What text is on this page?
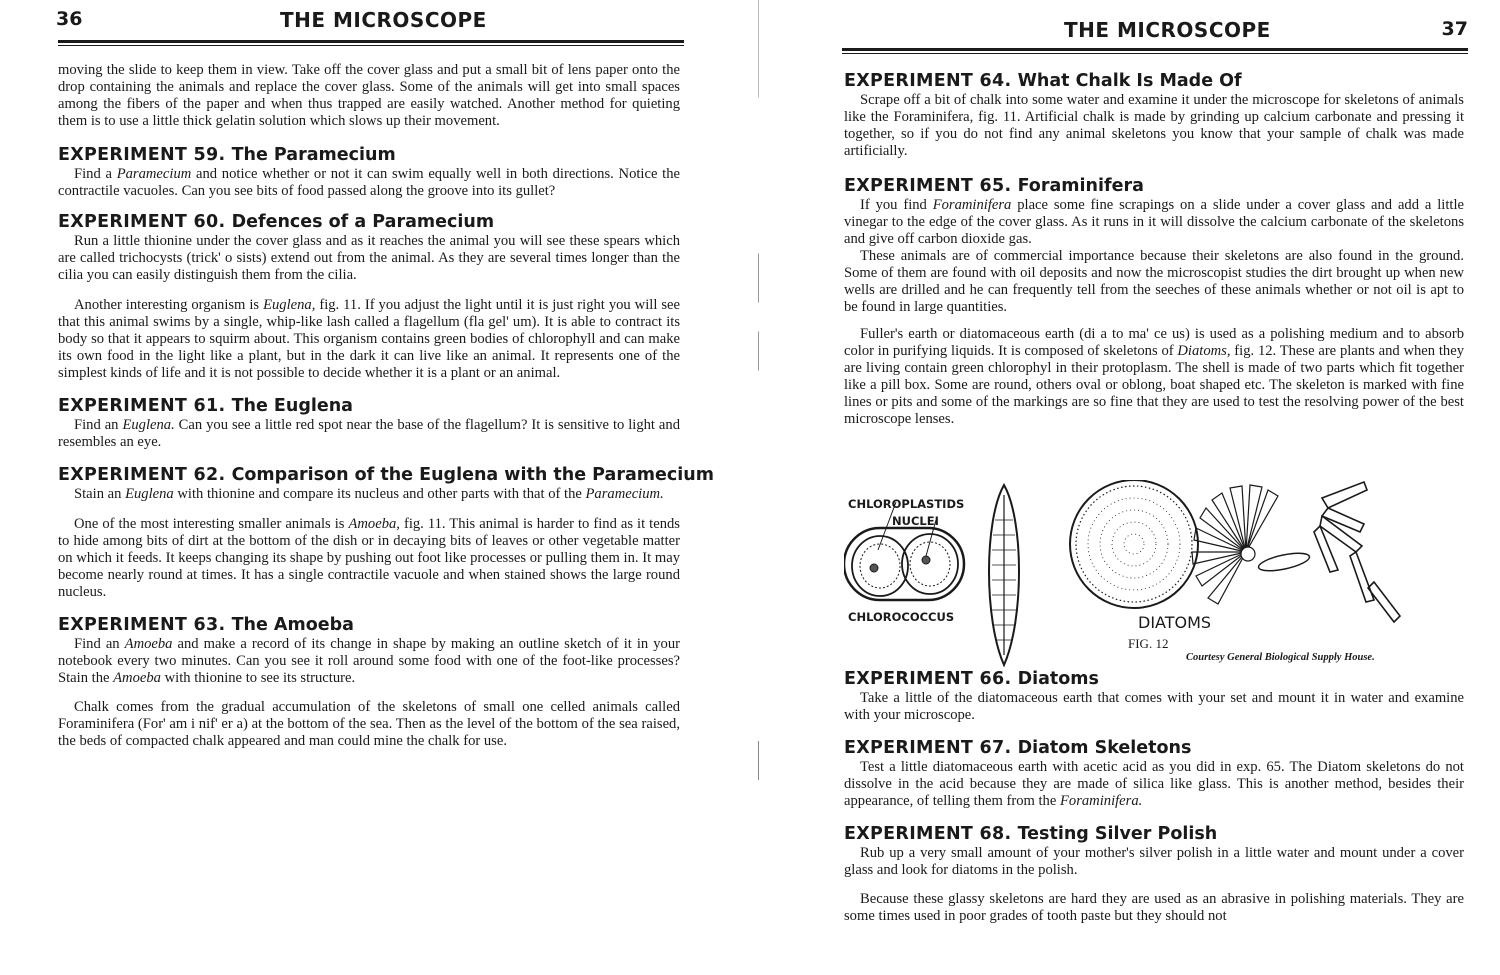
36	THE MICROSCOPE

moving the slide to keep them in view. Take off the cover glass and put a small bit of lens paper onto the drop containing the animals and replace the cover glass. Some of the animals will get into small spaces among the fibers of the paper and when thus trapped are easily watched. Another method for quieting them is to use a little thick gelatin solution which slows up their movement.

EXPERIMENT 59. The Paramecium

Find a Paramecium and notice whether or not it can swim equally well in both directions. Notice the contractile vacuoles. Can you see bits of food passed along the groove into its gullet?

EXPERIMENT 60. Defences of a Paramecium

Run a little thionine under the cover glass and as it reaches the animal you will see these spears which are called trichocysts (trick' o sists) extend out from the animal. As they are several times longer than the cilia you can easily distinguish them from the cilia.

Another interesting organism is Euglena, fig. 11. If you adjust the light until it is just right you will see that this animal swims by a single, whip-like lash called a flagellum (fla gel' um). It is able to contract its body so that it appears to squirm about. This organism contains green bodies of chlorophyll and can make its own food in the light like a plant, but in the dark it can live like an animal. It represents one of the simplest kinds of life and it is not possible to decide whether it is a plant or an animal.

EXPERIMENT 61. The Euglena

Find an Euglena. Can you see a little red spot near the base of the flagellum? It is sensitive to light and resembles an eye.

EXPERIMENT 62. Comparison of the Euglena with the Paramecium

Stain an Euglena with thionine and compare its nucleus and other parts with that of the Paramecium.

One of the most interesting smaller animals is Amoeba, fig. 11. This animal is harder to find as it tends to hide among bits of dirt at the bottom of the dish or in decaying bits of leaves or other vegetable matter on which it feeds. It keeps changing its shape by pushing out foot like processes or pulling them in. It may become nearly round at times. It has a single contractile vacuole and when stained shows the large round nucleus.

EXPERIMENT 63. The Amoeba

Find an Amoeba and make a record of its change in shape by making an outline sketch of it in your notebook every two minutes. Can you see it roll around some food with one of the foot-like processes? Stain the Amoeba with thionine to see its structure.

Chalk comes from the gradual accumulation of the skeletons of small one celled animals called Foraminifera (For' am i nif' er a) at the bottom of the sea. Then as the level of the bottom of the sea raised, the beds of compacted chalk appeared and man could mine the chalk for use.

THE MICROSCOPE	37
EXPERIMENT 64. What Chalk Is Made Of

Scrape off a bit of chalk into some water and examine it under the microscope for skeletons of animals like the Foraminifera, fig. 11. Artificial chalk is made by grinding up calcium carbonate and pressing it together, so if you do not find any animal skeletons you know that your sample of chalk was made artificially.

EXPERIMENT 65. Foraminifera

If you find Foraminifera place some fine scrapings on a slide under a cover glass and add a little vinegar to the edge of the cover glass. As it runs in it will dissolve the calcium carbonate of the skeletons and give off carbon dioxide gas.

These animals are of commercial importance because their skeletons are also found in the ground. Some of them are found with oil deposits and now the microscopist studies the dirt brought up when new wells are drilled and he can frequently tell from the seeches of these animals whether or not oil is apt to be found in large quantities.

Fuller's earth or diatomaceous earth (di a to ma' ce us) is used as a polishing medium and to absorb color in purifying liquids. It is composed of skeletons of Diatoms, fig. 12. These are plants and when they are living contain green chlorophyl in their protoplasm. The shell is made of two parts which fit together like a pill box. Some are round, others oval or oblong, boat shaped etc. The skeleton is marked with fine lines or pits and some of the markings are so fine that they are used to test the resolving power of the best microscope lenses.

CHLOROPLASTIDS
NUCLEI
CHLOROCOCCUS	DIATOMS
FIG. 12
Courtesy General Biological Supply House.
EXPERIMENT 66. Diatoms

Take a little of the diatomaceous earth that comes with your set and mount it in water and examine with your microscope.

EXPERIMENT 67. Diatom Skeletons

Test a little diatomaceous earth with acetic acid as you did in exp. 65. The Diatom skeletons do not dissolve in the acid because they are made of silica like glass. This is another method, besides their appearance, of telling them from the Foraminifera.

EXPERIMENT 68. Testing Silver Polish

Rub up a very small amount of your mother's silver polish in a little water and mount under a cover glass and look for diatoms in the polish.

Because these glassy skeletons are hard they are used as an abrasive in polishing materials. They are some times used in poor grades of tooth paste but they should not
